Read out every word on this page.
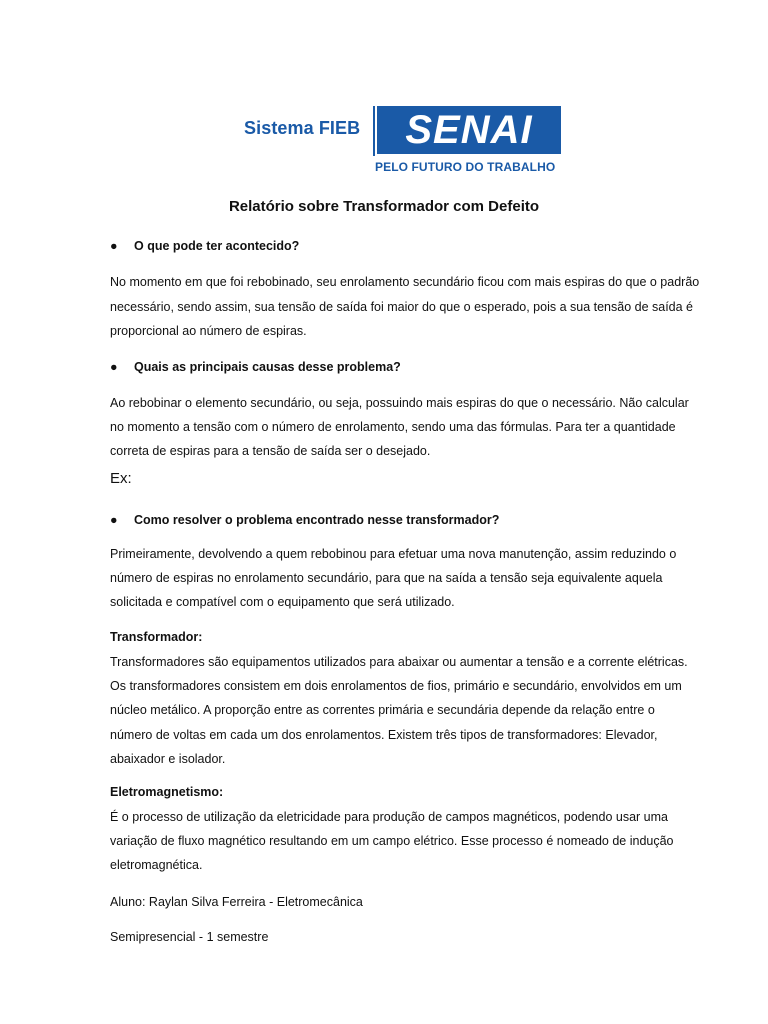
Sistema FIEB	SENAI
PELO FUTURO DO TRABALHO
Relatório sobre Transformador com Defeito
● O que pode ter acontecido?
No momento em que foi rebobinado, seu enrolamento secundário ficou com mais espiras do que o padrão necessário, sendo assim, sua tensão de saída foi maior do que o esperado, pois a sua tensão de saída é proporcional ao número de espiras.
● Quais as principais causas desse problema?
Ao rebobinar o elemento secundário, ou seja, possuindo mais espiras do que o necessário. Não calcular no momento a tensão com o número de enrolamento, sendo uma das fórmulas. Para ter a quantidade correta de espiras para a tensão de saída ser o desejado.
Ex:
● Como resolver o problema encontrado nesse transformador?
Primeiramente, devolvendo a quem rebobinou para efetuar uma nova manutenção, assim reduzindo o número de espiras no enrolamento secundário, para que na saída a tensão seja equivalente aquela solicitada e compatível com o equipamento que será utilizado.
Transformador:
Transformadores são equipamentos utilizados para abaixar ou aumentar a tensão e a corrente elétricas. Os transformadores consistem em dois enrolamentos de fios, primário e secundário, envolvidos em um núcleo metálico. A proporção entre as correntes primária e secundária depende da relação entre o número de voltas em cada um dos enrolamentos. Existem três tipos de transformadores: Elevador, abaixador e isolador.
Eletromagnetismo:
É o processo de utilização da eletricidade para produção de campos magnéticos, podendo usar uma variação de fluxo magnético resultando em um campo elétrico. Esse processo é nomeado de indução eletromagnética.
Aluno: Raylan Silva Ferreira - Eletromecânica
Semipresencial - 1 semestre
